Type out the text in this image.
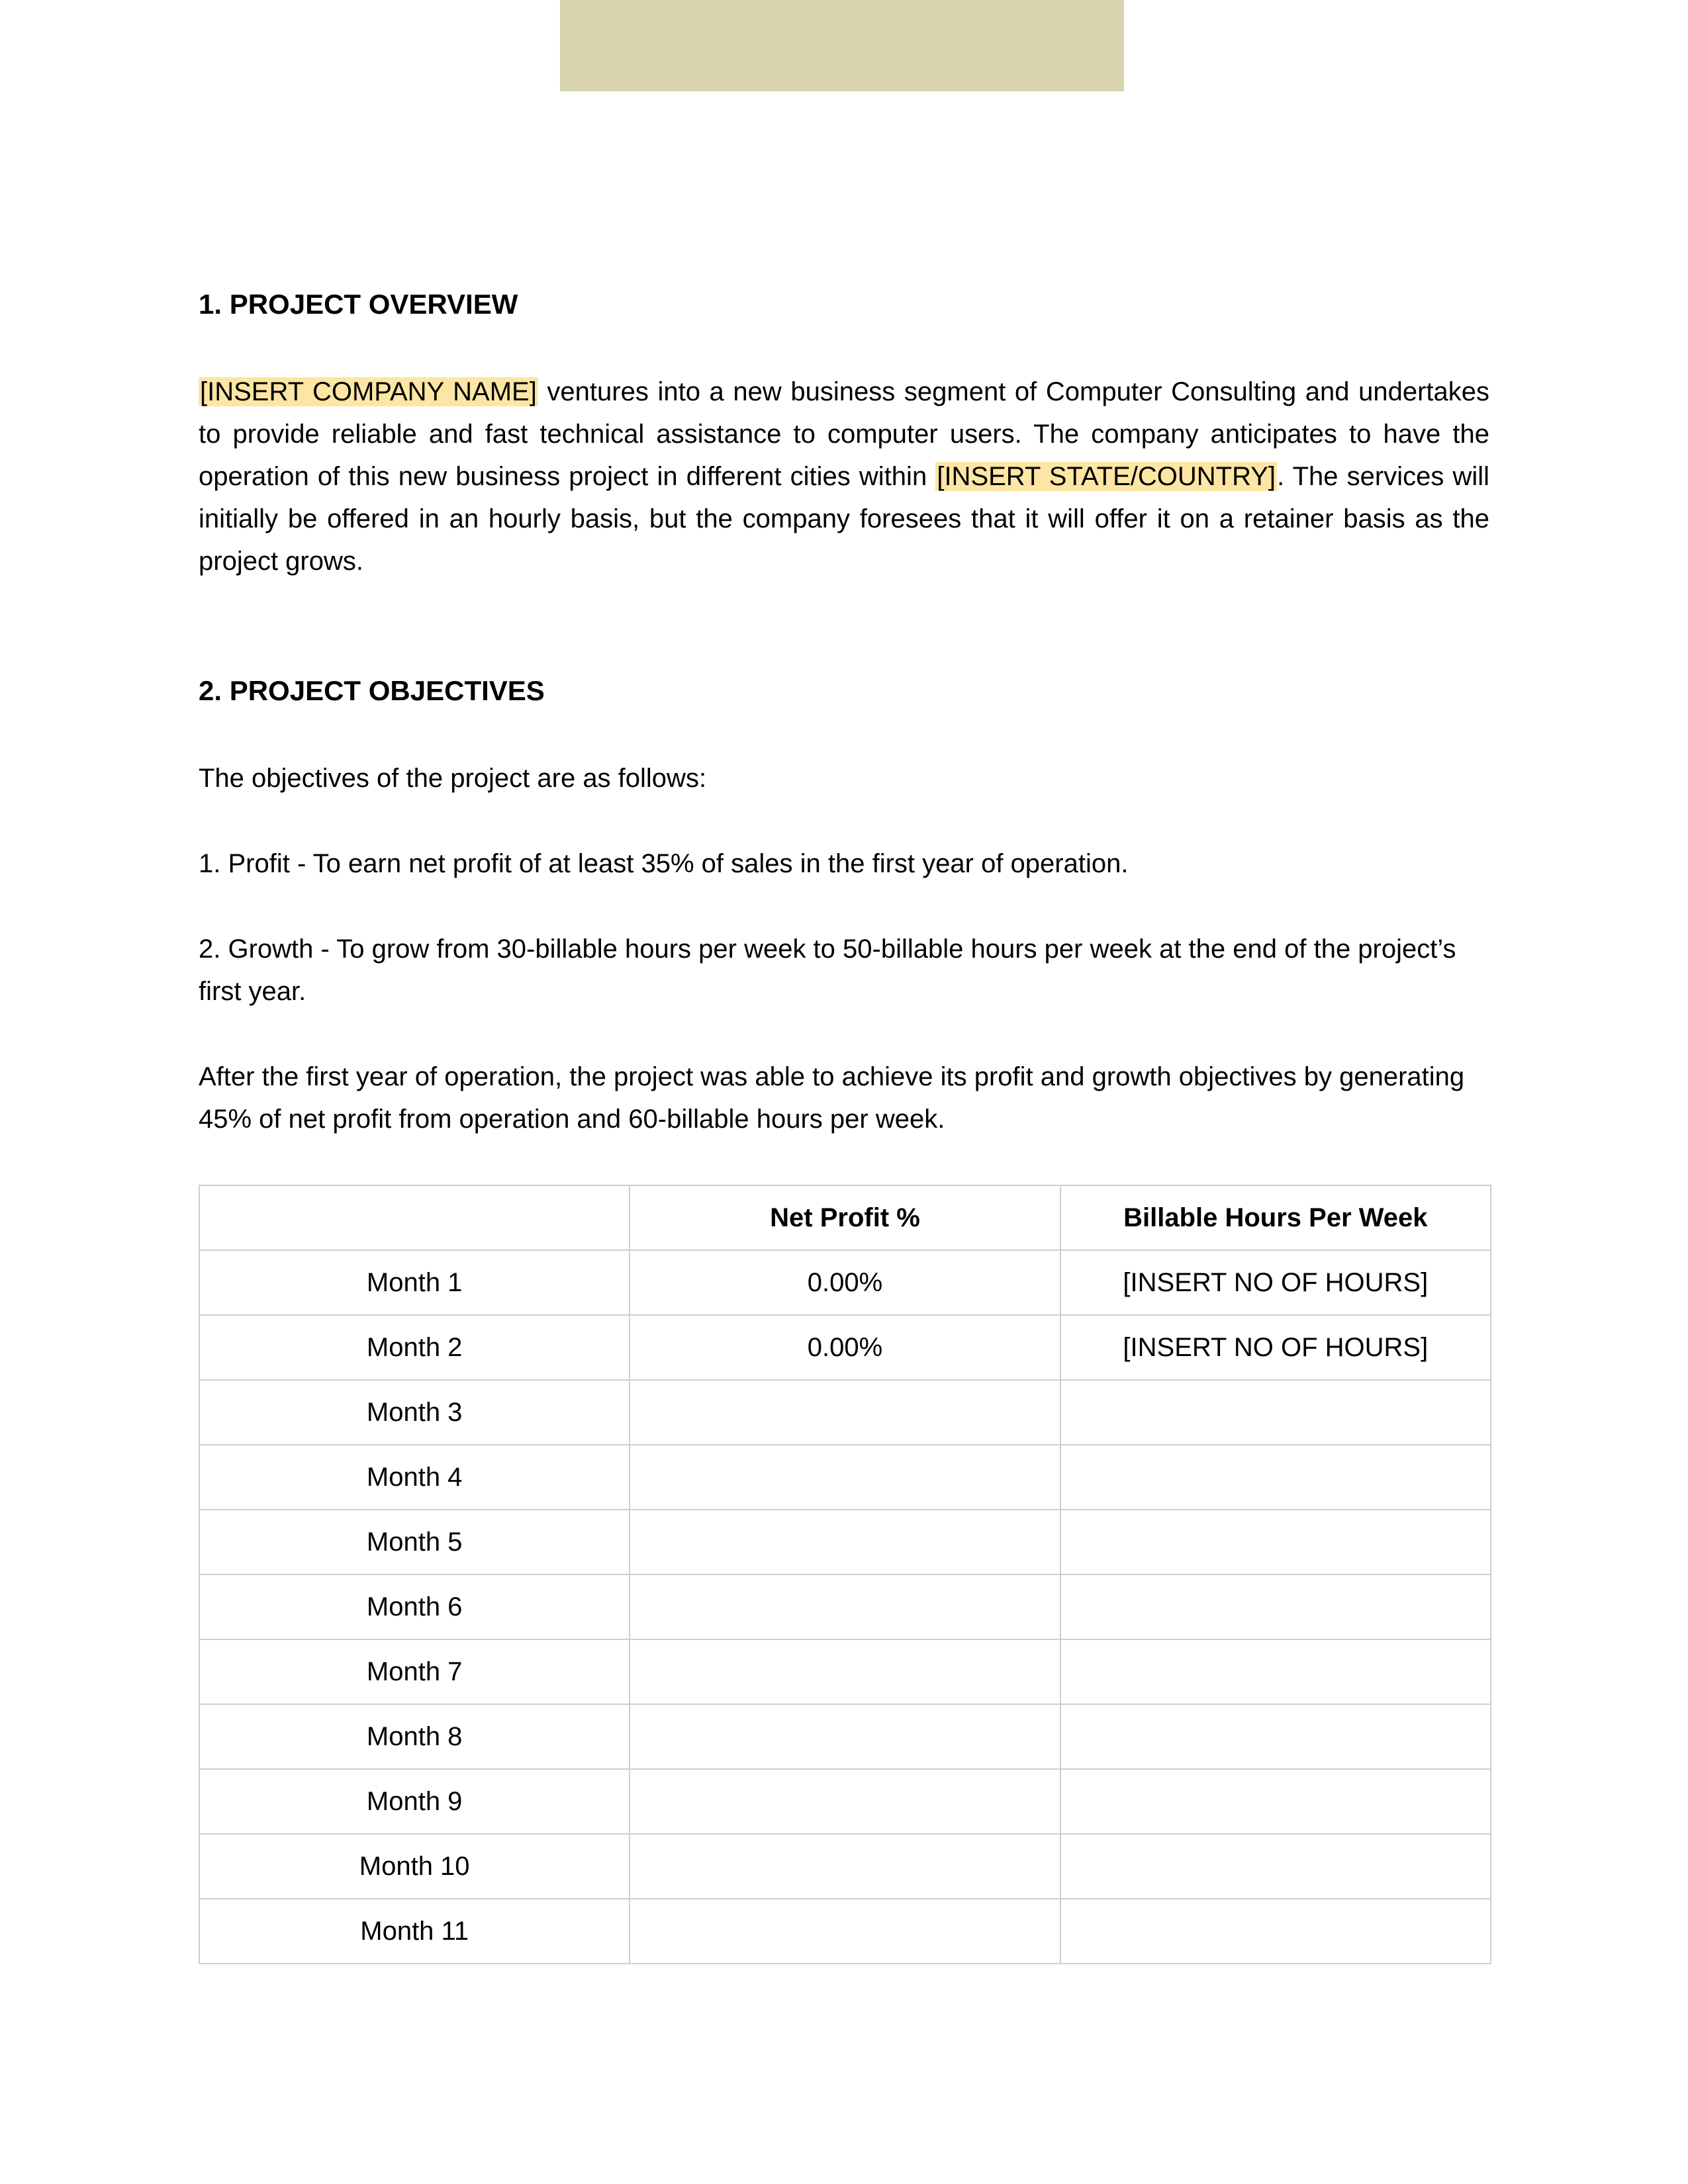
1. PROJECT OVERVIEW
[INSERT COMPANY NAME] ventures into a new business segment of Computer Consulting and undertakes to provide reliable and fast technical assistance to computer users. The company anticipates to have the operation of this new business project in different cities within [INSERT STATE/COUNTRY]. The services will initially be offered in an hourly basis, but the company foresees that it will offer it on a retainer basis as the project grows.
2. PROJECT OBJECTIVES
The objectives of the project are as follows:
1. Profit - To earn net profit of at least 35% of sales in the first year of operation.
2. Growth - To grow from 30-billable hours per week to 50-billable hours per week at the end of the project’s first year.
After the first year of operation, the project was able to achieve its profit and growth objectives by generating 45% of net profit from operation and 60-billable hours per week.
	Net Profit %	Billable Hours Per Week
Month 1	0.00%	[INSERT NO OF HOURS]
Month 2	0.00%	[INSERT NO OF HOURS]
Month 3		
Month 4		
Month 5		
Month 6		
Month 7		
Month 8		
Month 9		
Month 10		
Month 11		
